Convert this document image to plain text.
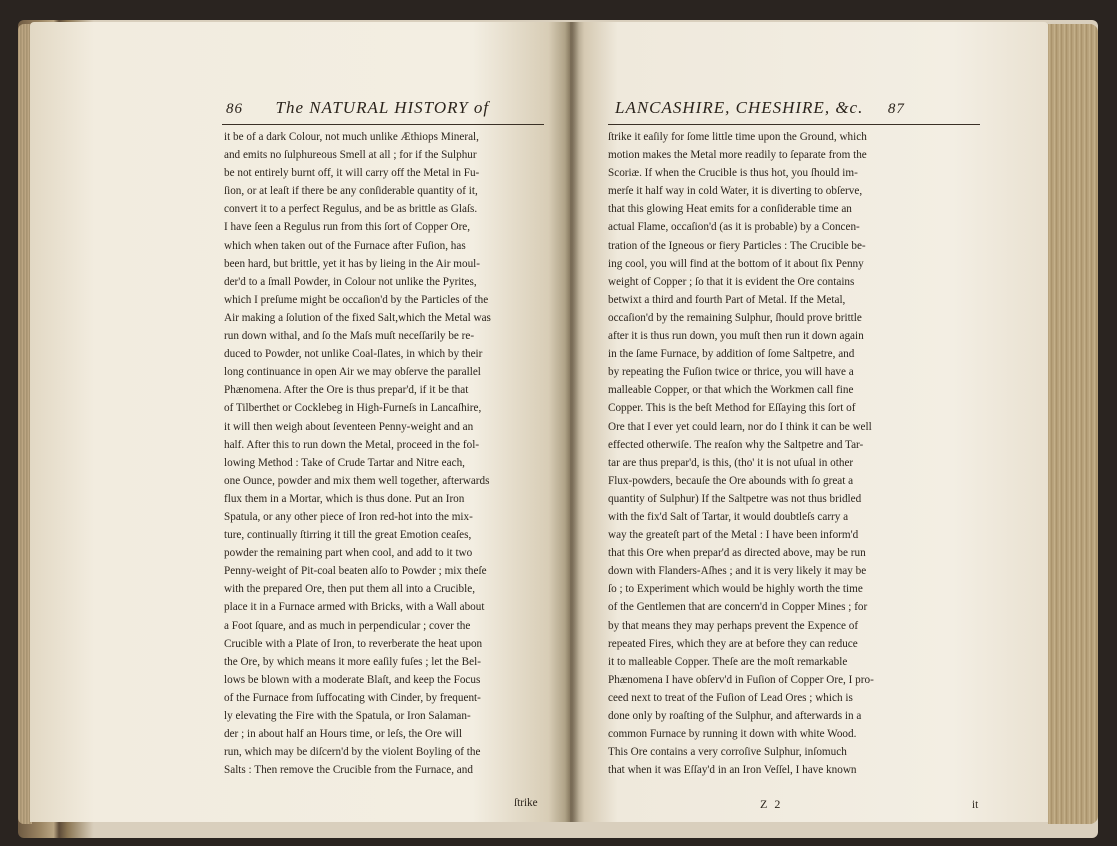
86 The NATURAL HISTORY of
it be of a dark Colour, not much unlike Æthiops Mineral,
and emits no ſulphureous Smell at all ; for if the Sulphur
be not entirely burnt off, it will carry off the Metal in Fu-
ſion, or at leaſt if there be any conſiderable quantity of it,
convert it to a perfect Regulus, and be as brittle as Glaſs.
I have ſeen a Regulus run from this ſort of Copper Ore,
which when taken out of the Furnace after Fuſion, has
been hard, but brittle, yet it has by lieing in the Air moul-
der'd to a ſmall Powder, in Colour not unlike the Pyrites,
which I preſume might be occaſion'd by the Particles of the
Air making a ſolution of the fixed Salt,which the Metal was
run down withal, and ſo the Maſs muſt neceſſarily be re-
duced to Powder, not unlike Coal-ſlates, in which by their
long continuance in open Air we may obſerve the parallel
Phænomena. After the Ore is thus prepar'd, if it be that
of Tilberthet or Cocklebeg in High-Furneſs in Lancaſhire,
it will then weigh about ſeventeen Penny-weight and an
half. After this to run down the Metal, proceed in the fol-
lowing Method : Take of Crude Tartar and Nitre each,
one Ounce, powder and mix them well together, afterwards
flux them in a Mortar, which is thus done. Put an Iron
Spatula, or any other piece of Iron red-hot into the mix-
ture, continually ſtirring it till the great Emotion ceaſes,
powder the remaining part when cool, and add to it two
Penny-weight of Pit-coal beaten alſo to Powder ; mix theſe
with the prepared Ore, then put them all into a Crucible,
place it in a Furnace armed with Bricks, with a Wall about
a Foot ſquare, and as much in perpendicular ; cover the
Crucible with a Plate of Iron, to reverberate the heat upon
the Ore, by which means it more eaſily fuſes ; let the Bel-
lows be blown with a moderate Blaſt, and keep the Focus
of the Furnace from ſuffocating with Cinder, by frequent-
ly elevating the Fire with the Spatula, or Iron Salaman-
der ; in about half an Hours time, or leſs, the Ore will
run, which may be diſcern'd by the violent Boyling of the
Salts : Then remove the Crucible from the Furnace, and
ſtrike
LANCASHIRE, CHESHIRE, &c. 87
ſtrike it eaſily for ſome little time upon the Ground, which
motion makes the Metal more readily to ſeparate from the
Scoriæ. If when the Crucible is thus hot, you ſhould im-
merſe it half way in cold Water, it is diverting to obſerve,
that this glowing Heat emits for a conſiderable time an
actual Flame, occaſion'd (as it is probable) by a Concen-
tration of the Igneous or fiery Particles : The Crucible be-
ing cool, you will find at the bottom of it about ſix Penny
weight of Copper ; ſo that it is evident the Ore contains
betwixt a third and fourth Part of Metal. If the Metal,
occaſion'd by the remaining Sulphur, ſhould prove brittle
after it is thus run down, you muſt then run it down again
in the ſame Furnace, by addition of ſome Saltpetre, and
by repeating the Fuſion twice or thrice, you will have a
malleable Copper, or that which the Workmen call fine
Copper. This is the beſt Method for Eſſaying this ſort of
Ore that I ever yet could learn, nor do I think it can be well
effected otherwiſe. The reaſon why the Saltpetre and Tar-
tar are thus prepar'd, is this, (tho' it is not uſual in other
Flux-powders, becauſe the Ore abounds with ſo great a
quantity of Sulphur) If the Saltpetre was not thus bridled
with the fix'd Salt of Tartar, it would doubtleſs carry a
way the greateſt part of the Metal : I have been inform'd
that this Ore when prepar'd as directed above, may be run
down with Flanders-Aſhes ; and it is very likely it may be
ſo ; to Experiment which would be highly worth the time
of the Gentlemen that are concern'd in Copper Mines ; for
by that means they may perhaps prevent the Expence of
repeated Fires, which they are at before they can reduce
it to malleable Copper. Theſe are the moſt remarkable
Phænomena I have obſerv'd in Fuſion of Copper Ore, I pro-
ceed next to treat of the Fuſion of Lead Ores ; which is
done only by roaſting of the Sulphur, and afterwards in a
common Furnace by running it down with white Wood.
This Ore contains a very corroſive Sulphur, inſomuch
that when it was Eſſay'd in an Iron Veſſel, I have known
Z 2	it
